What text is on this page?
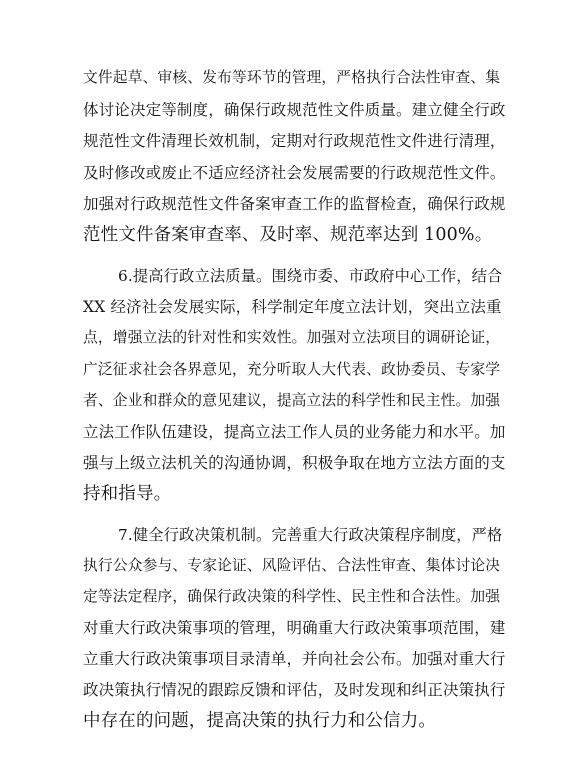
文件起草、审核、发布等环节的管理，严格执行合法性审查、集
体讨论决定等制度，确保行政规范性文件质量。建立健全行政
规范性文件清理长效机制，定期对行政规范性文件进行清理，
及时修改或废止不适应经济社会发展需要的行政规范性文件。
加强对行政规范性文件备案审查工作的监督检查，确保行政规
范性文件备案审查率、及时率、规范率达到 100%。
6.提高行政立法质量。围绕市委、市政府中心工作，结合
XX 经济社会发展实际，科学制定年度立法计划，突出立法重
点，增强立法的针对性和实效性。加强对立法项目的调研论证，
广泛征求社会各界意见，充分听取人大代表、政协委员、专家学
者、企业和群众的意见建议，提高立法的科学性和民主性。加强
立法工作队伍建设，提高立法工作人员的业务能力和水平。加
强与上级立法机关的沟通协调，积极争取在地方立法方面的支
持和指导。
7.健全行政决策机制。完善重大行政决策程序制度，严格
执行公众参与、专家论证、风险评估、合法性审查、集体讨论决
定等法定程序，确保行政决策的科学性、民主性和合法性。加强
对重大行政决策事项的管理，明确重大行政决策事项范围，建
立重大行政决策事项目录清单，并向社会公布。加强对重大行
政决策执行情况的跟踪反馈和评估，及时发现和纠正决策执行
中存在的问题，提高决策的执行力和公信力。
